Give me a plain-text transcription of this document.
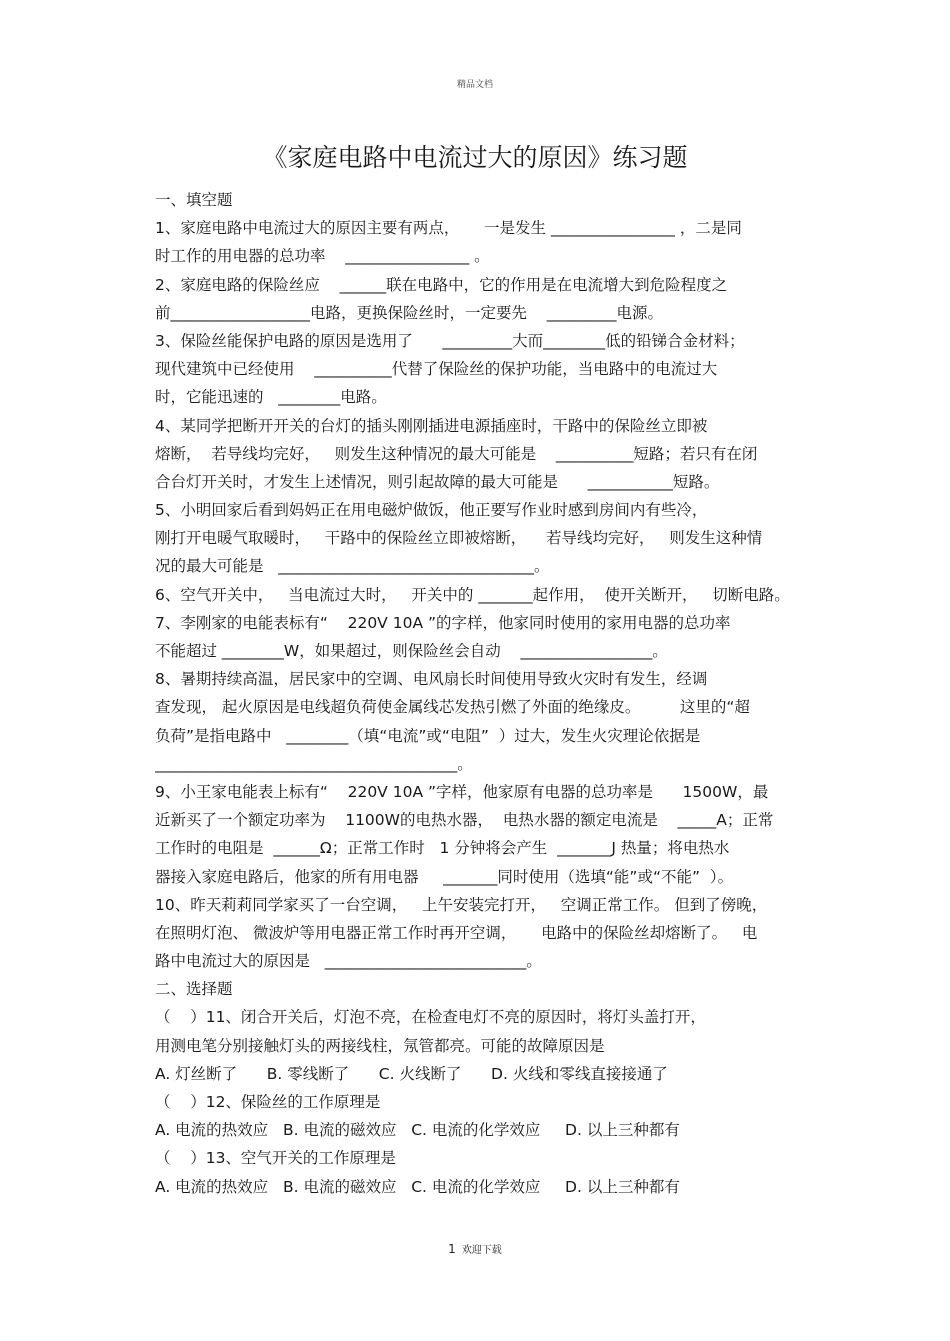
精品文档
《家庭电路中电流过大的原因》练习题
一、填空题
1、家庭电路中电流过大的原因主要有两点，     一是发生 ________________ ，二是同
时工作的用电器的总功率    ________________ 。
2、家庭电路的保险丝应    ______联在电路中，它的作用是在电流增大到危险程度之
前__________________电路，更换保险丝时，一定要先    _________电源。
3、保险丝能保护电路的原因是选用了      _________大而________低的铅锑合金材料；
现代建筑中已经使用    __________代替了保险丝的保护功能，当电路中的电流过大
时，它能迅速的   ________电路。
4、某同学把断开开关的台灯的插头刚刚插进电源插座时，干路中的保险丝立即被
熔断，  若导线均完好，   则发生这种情况的最大可能是    __________短路；若只有在闭
合台灯开关时，才发生上述情况，则引起故障的最大可能是      ___________短路。
5、小明回家后看到妈妈正在用电磁炉做饭，他正要写作业时感到房间内有些冷，
刚打开电暖气取暖时，   干路中的保险丝立即被熔断，    若导线均完好，   则发生这种情
况的最大可能是   _________________________________。
6、空气开关中，   当电流过大时，   开关中的 _______起作用，  使开关断开，   切断电路。
7、李刚家的电能表标有“    220V 10A ”的字样，他家同时使用的家用电器的总功率
不能超过 ________W，如果超过，则保险丝会自动    _________________。
8、暑期持续高温，居民家中的空调、电风扇长时间使用导致火灾时有发生，经调
查发现， 起火原因是电线超负荷使金属线芯发热引燃了外面的绝缘皮。        这里的“超
负荷”是指电路中   ________（填“电流”或“电阻”  ）过大，发生火灾理论依据是
_______________________________________。
9、小王家电能表上标有“    220V 10A ”字样，他家原有电器的总功率是      1500W，最
近新买了一个额定功率为    1100W的电热水器，  电热水器的额定电流是    _____A；正常
工作时的电阻是  ______Ω；正常工作时   1 分钟将会产生  _______J 热量；将电热水
器接入家庭电路后，他家的所有用电器     _______同时使用（选填“能”或“不能”  ）。
10、昨天莉莉同学家买了一台空调，   上午安装完打开，   空调正常工作。 但到了傍晚，
在照明灯泡、 微波炉等用电器正常工作时再开空调，     电路中的保险丝却熔断了。   电
路中电流过大的原因是   __________________________。
二、选择题
（    ）11、闭合开关后，灯泡不亮，在检查电灯不亮的原因时，将灯头盖打开，
用测电笔分别接触灯头的两接线柱，氖管都亮。可能的故障原因是
A. 灯丝断了      B. 零线断了      C. 火线断了      D. 火线和零线直接接通了
（    ）12、保险丝的工作原理是
A. 电流的热效应   B. 电流的磁效应   C. 电流的化学效应     D. 以上三种都有
（    ）13、空气开关的工作原理是
A. 电流的热效应   B. 电流的磁效应   C. 电流的化学效应     D. 以上三种都有
1 欢迎下载
